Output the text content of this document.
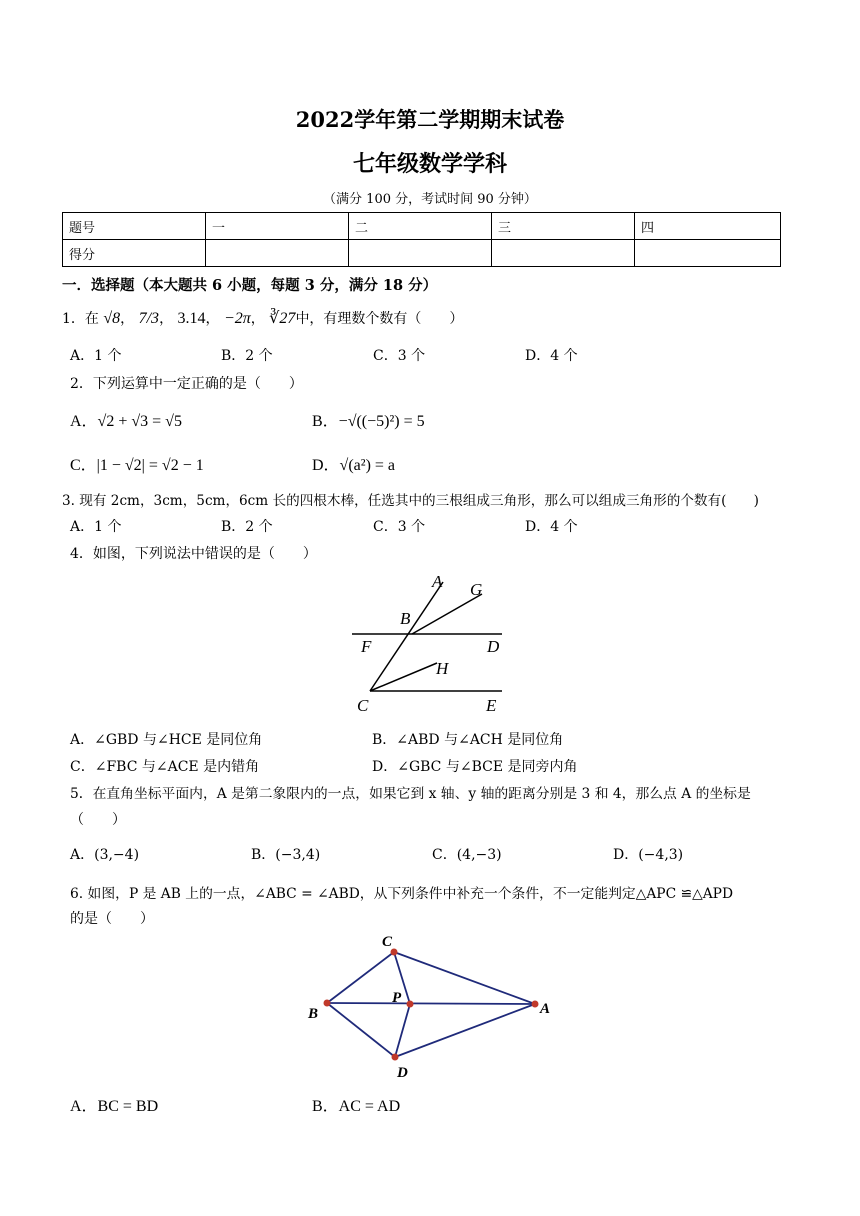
2022学年第二学期期末试卷
七年级数学学科
（满分 100 分，考试时间 90 分钟）
题号	一	二	三	四
得分				
一．选择题（本大题共 6 小题，每题 3 分，满分 18 分）
1．在 √8， 7/3， 3.14， −2π， ∛27中，有理数个数有（　　）
A．1 个	B．2 个	C．3 个	D．4 个
2．下列运算中一定正确的是（　　）
A．√2 + √3 = √5	B．−√((−5)²) = 5
C．|1 − √2| = √2 − 1	D．√(a²) = a
3. 现有 2cm，3cm，5cm，6cm 长的四根木棒，任选其中的三根组成三角形，那么可以组成三角形的个数有(　　)
A．1 个	B．2 个	C．3 个	D．4 个
4．如图，下列说法中错误的是（　　）
A G
B
F	D
H
C	E
A．∠GBD 与∠HCE 是同位角	B．∠ABD 与∠ACH 是同位角
C．∠FBC 与∠ACE 是内错角	D．∠GBC 与∠BCE 是同旁内角
5．在直角坐标平面内，A 是第二象限内的一点，如果它到 x 轴、y 轴的距离分别是 3 和 4，那么点 A 的坐标是
（　　）
A．(3,−4)	B．(−3,4)	C．(4,−3)	D．(−4,3)
6. 如图，P 是 AB 上的一点，∠ABC = ∠ABD，从下列条件中补充一个条件，不一定能判定△APC ≌△APD
的是（　　）
C
P
B	A
D
A．BC = BD	B．AC = AD
